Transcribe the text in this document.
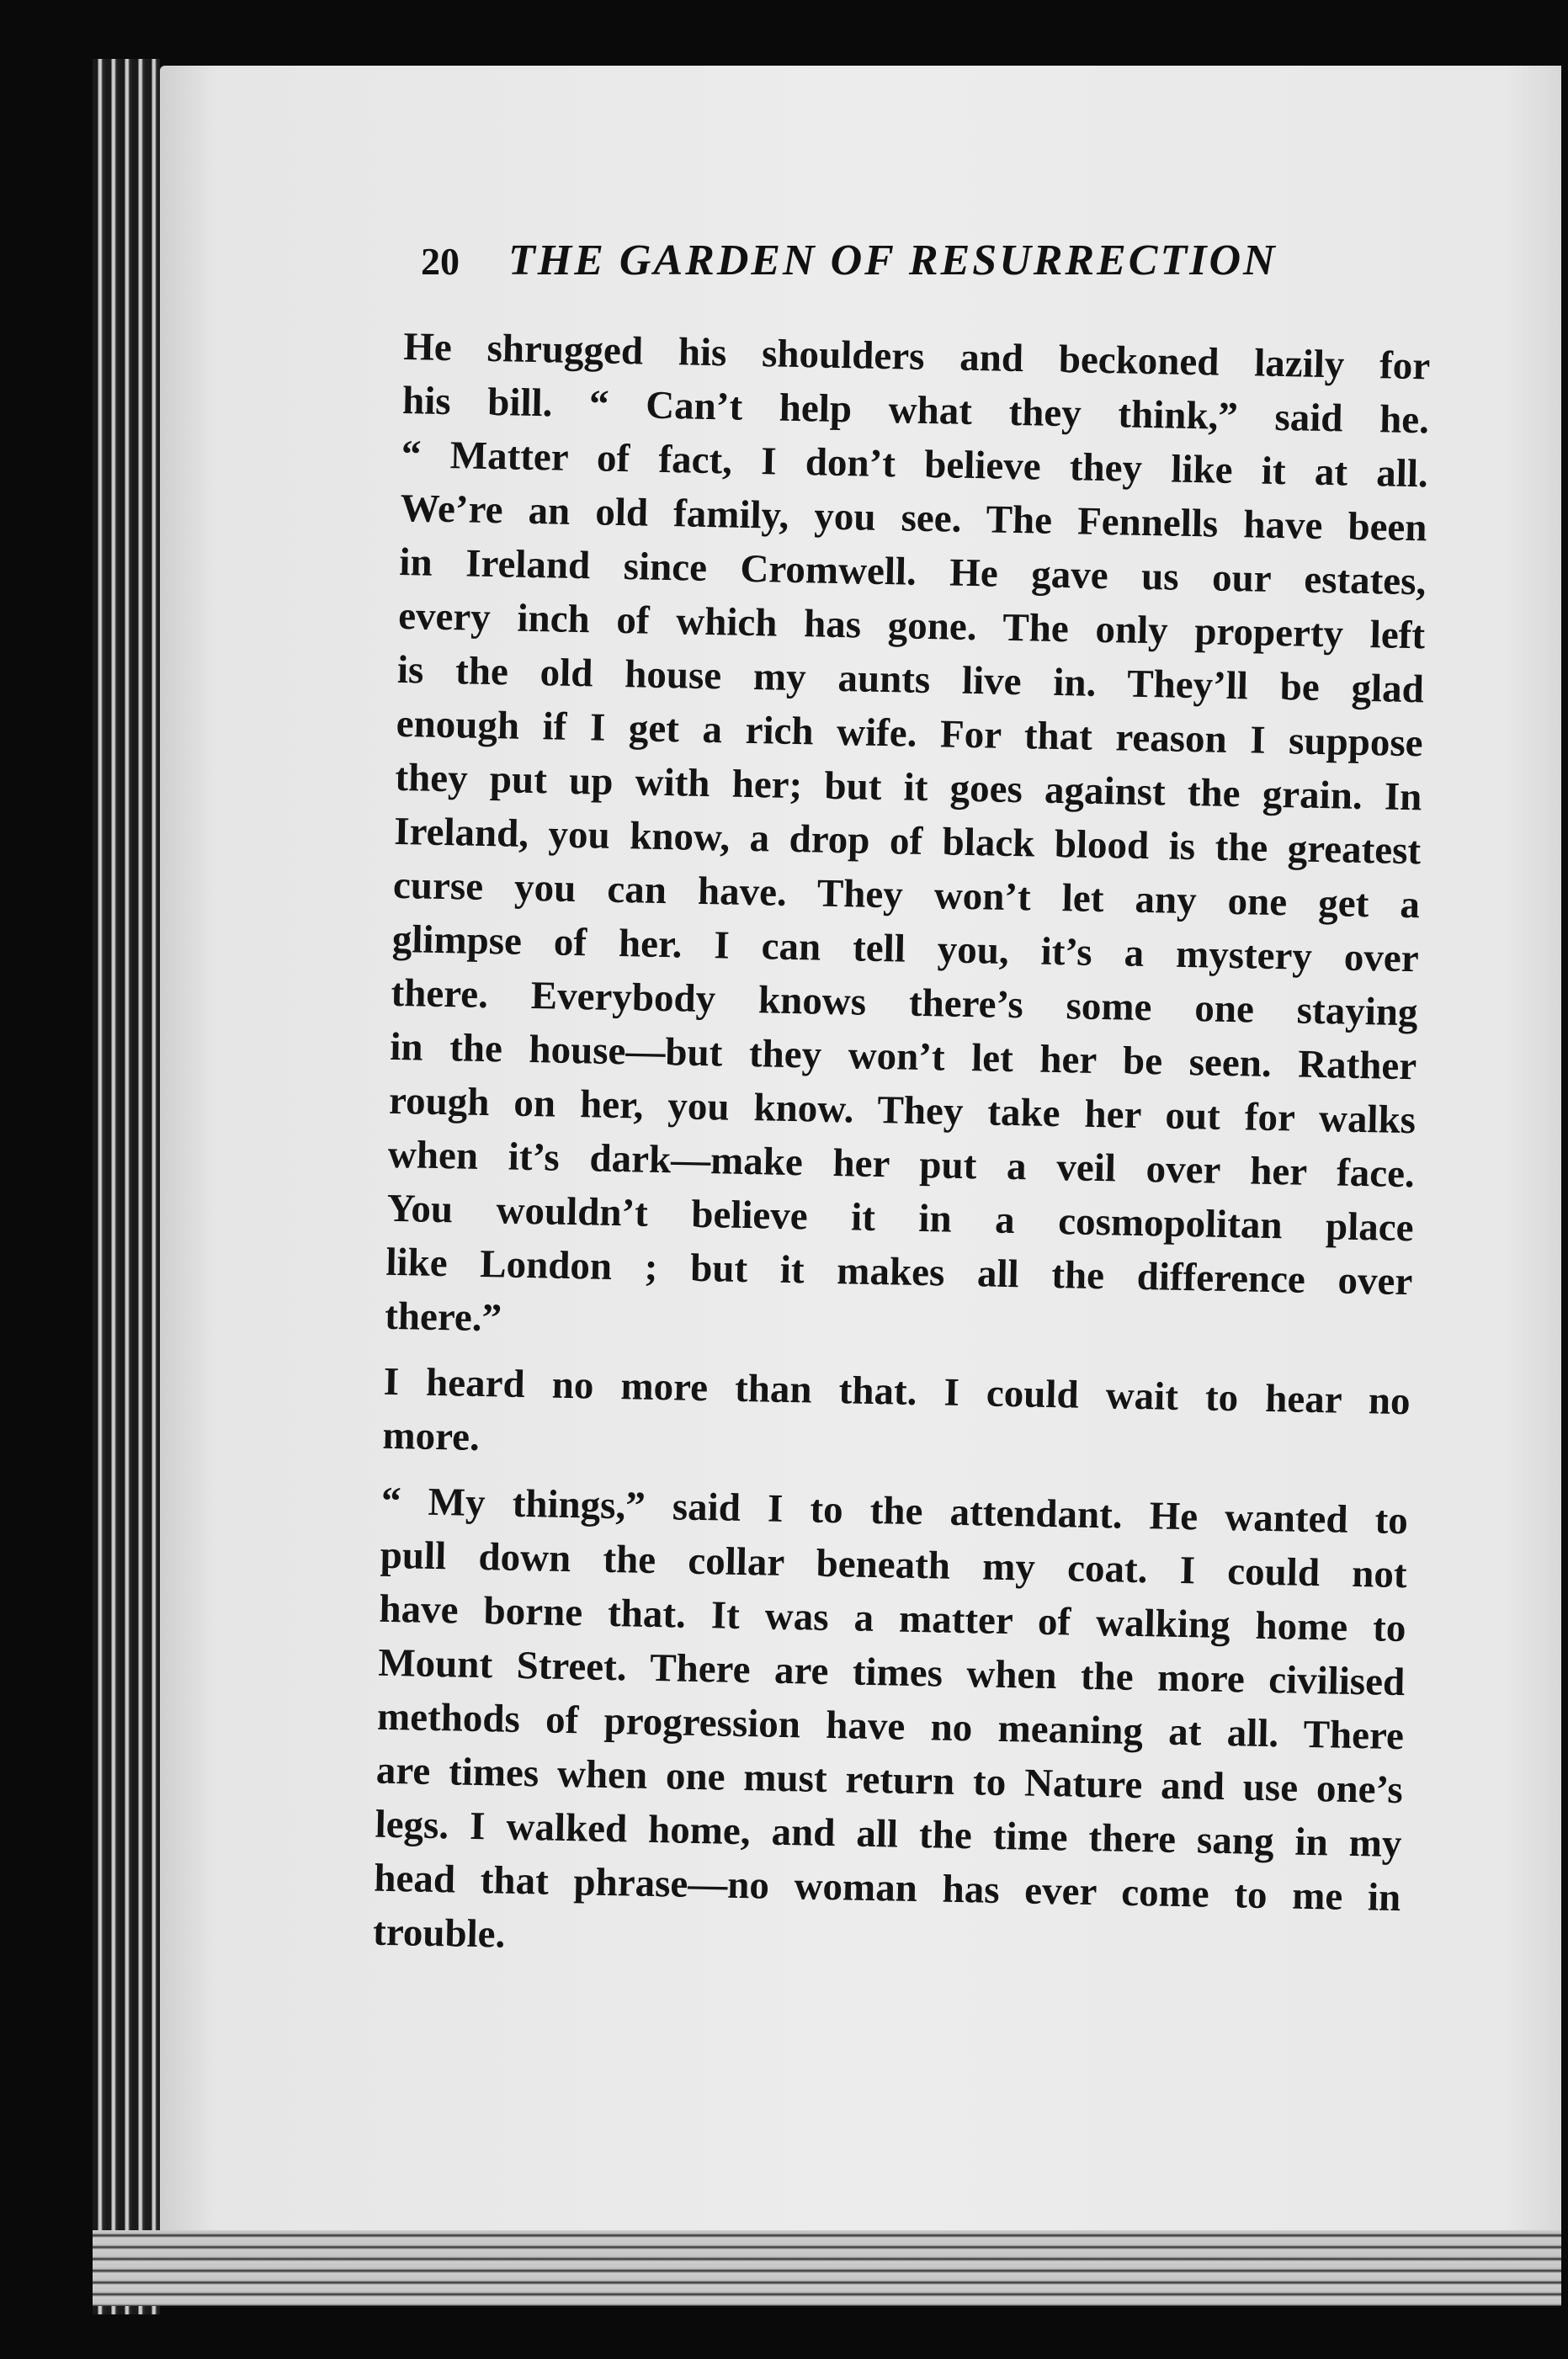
20 THE GARDEN OF RESURRECTION
He shrugged his shoulders and beckoned lazily for
his bill. “ Can’t help what they think,” said he.
“ Matter of fact, I don’t believe they like it at all.
We’re an old family, you see. The Fennells have been
in Ireland since Cromwell. He gave us our estates,
every inch of which has gone. The only property left
is the old house my aunts live in. They’ll be glad
enough if I get a rich wife. For that reason I suppose
they put up with her; but it goes against the grain. In
Ireland, you know, a drop of black blood is the greatest
curse you can have. They won’t let any one get a
glimpse of her. I can tell you, it’s a mystery over
there. Everybody knows there’s some one staying
in the house—but they won’t let her be seen. Rather
rough on her, you know. They take her out for walks
when it’s dark—make her put a veil over her face.
You wouldn’t believe it in a cosmopolitan place
like London ; but it makes all the difference over
there.”
I heard no more than that. I could wait to hear no
more.
“ My things,” said I to the attendant. He wanted to
pull down the collar beneath my coat. I could not
have borne that. It was a matter of walking home to
Mount Street. There are times when the more civilised
methods of progression have no meaning at all. There
are times when one must return to Nature and use one’s
legs. I walked home, and all the time there sang in my
head that phrase—no woman has ever come to me in
trouble.
